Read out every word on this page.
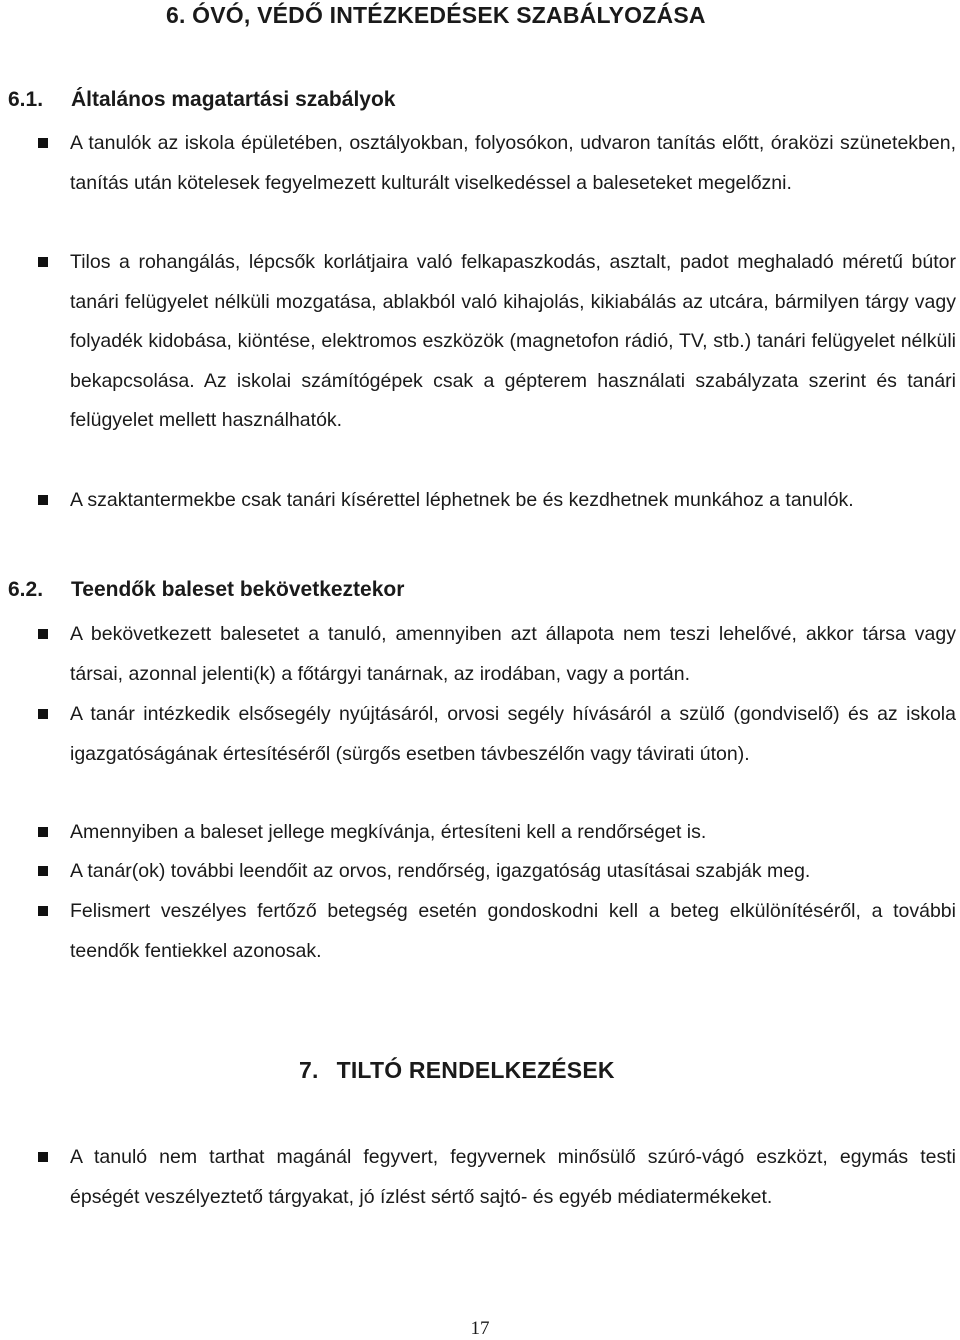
6. ÓVÓ, VÉDŐ INTÉZKEDÉSEK SZABÁLYOZÁSA
6.1. Általános magatartási szabályok
A tanulók az iskola épületében, osztályokban, folyosókon, udvaron tanítás előtt, óraközi szünetekben, tanítás után kötelesek fegyelmezett kulturált viselkedéssel a baleseteket megelőzni.
Tilos a rohangálás, lépcsők korlátjaira való felkapaszkodás, asztalt, padot meghaladó méretű bútor tanári felügyelet nélküli mozgatása, ablakból való kihajolás, kikiabálás az utcára, bármilyen tárgy vagy folyadék kidobása, kiöntése, elektromos eszközök (magnetofon rádió, TV, stb.) tanári felügyelet nélküli bekapcsolása. Az iskolai számítógépek csak a gépterem használati szabályzata szerint és tanári felügyelet mellett használhatók.
A szaktantermekbe csak tanári kísérettel léphetnek be és kezdhetnek munkához a tanulók.
6.2. Teendők baleset bekövetkeztekor
A bekövetkezett balesetet a tanuló, amennyiben azt állapota nem teszi lehelővé, akkor társa vagy társai, azonnal jelenti(k) a főtárgyi tanárnak, az irodában, vagy a portán.
A tanár intézkedik elsősegély nyújtásáról, orvosi segély hívásáról a szülő (gondviselő) és az iskola igazgatóságának értesítéséről (sürgős esetben távbeszélőn vagy távirati úton).
Amennyiben a baleset jellege megkívánja, értesíteni kell a rendőrséget is.
A tanár(ok) további leendőit az orvos, rendőrség, igazgatóság utasításai szabják meg.
Felismert veszélyes fertőző betegség esetén gondoskodni kell a beteg elkülönítéséről, a további teendők fentiekkel azonosak.
7. TILTÓ RENDELKEZÉSEK
A tanuló nem tarthat magánál fegyvert, fegyvernek minősülő szúró-vágó eszközt, egymás testi épségét veszélyeztető tárgyakat, jó ízlést sértő sajtó- és egyéb médiatermékeket.
17
